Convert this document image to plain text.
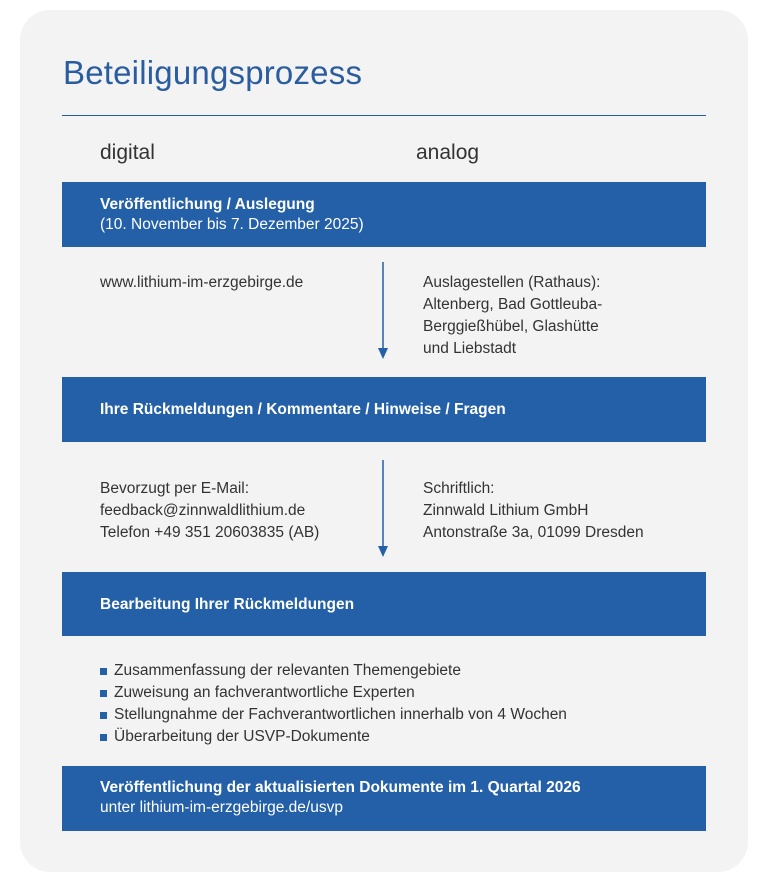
Beteiligungsprozess
digital	analog
Veröffentlichung / Auslegung
(10. November bis 7. Dezember 2025)
www.lithium-im-erzgebirge.de	Auslagestellen (Rathaus):
Altenberg, Bad Gottleuba-
Berggießhübel, Glashütte
und Liebstadt
Ihre Rückmeldungen / Kommentare / Hinweise / Fragen
Bevorzugt per E-Mail:
feedback@zinnwaldlithium.de
Telefon +49 351 20603835 (AB)
Schriftlich:
Zinnwald Lithium GmbH
Antonstraße 3a, 01099 Dresden
Bearbeitung Ihrer Rückmeldungen
Zusammenfassung der relevanten Themengebiete
Zuweisung an fachverantwortliche Experten
Stellungnahme der Fachverantwortlichen innerhalb von 4 Wochen
Überarbeitung der USVP-Dokumente
Veröffentlichung der aktualisierten Dokumente im 1. Quartal 2026
unter lithium-im-erzgebirge.de/usvp
